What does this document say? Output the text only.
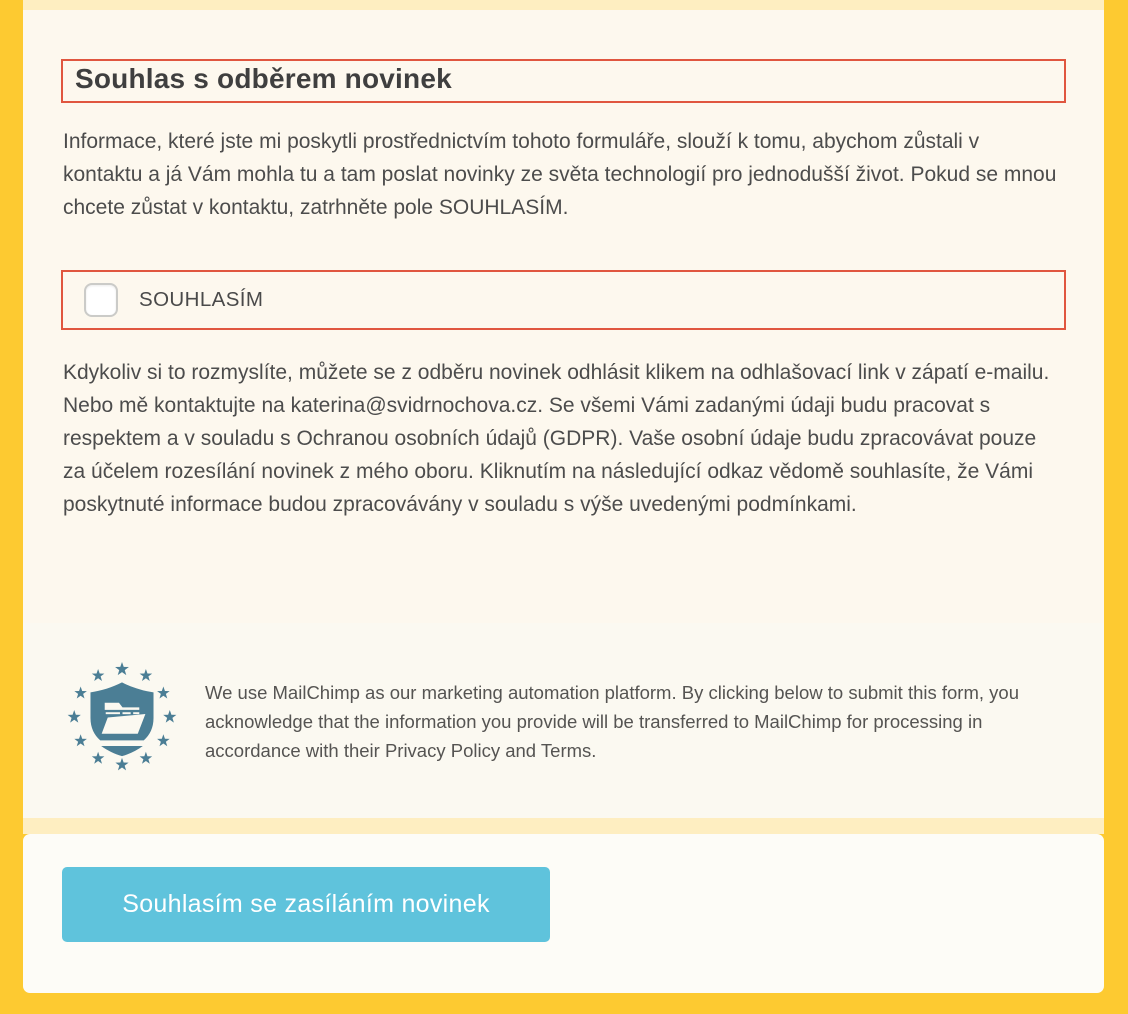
Souhlas s odběrem novinek

Informace, které jste mi poskytli prostřednictvím tohoto formuláře, slouží k tomu, abychom zůstali v kontaktu a já Vám mohla tu a tam poslat novinky ze světa technologií pro jednodušší život. Pokud se mnou chcete zůstat v kontaktu, zatrhněte pole SOUHLASÍM.

SOUHLASÍM

Kdykoliv si to rozmyslíte, můžete se z odběru novinek odhlásit klikem na odhlašovací link v zápatí e-mailu. Nebo mě kontaktujte na katerina@svidrnochova.cz. Se všemi Vámi zadanými údaji budu pracovat s respektem a v souladu s Ochranou osobních údajů (GDPR). Vaše osobní údaje budu zpracovávat pouze za účelem rozesílání novinek z mého oboru. Kliknutím na následující odkaz vědomě souhlasíte, že Vámi poskytnuté informace budou zpracovávány v souladu s výše uvedenými podmínkami.

We use MailChimp as our marketing automation platform. By clicking below to submit this form, you acknowledge that the information you provide will be transferred to MailChimp for processing in accordance with their Privacy Policy and Terms.
Souhlasím se zasíláním novinek
